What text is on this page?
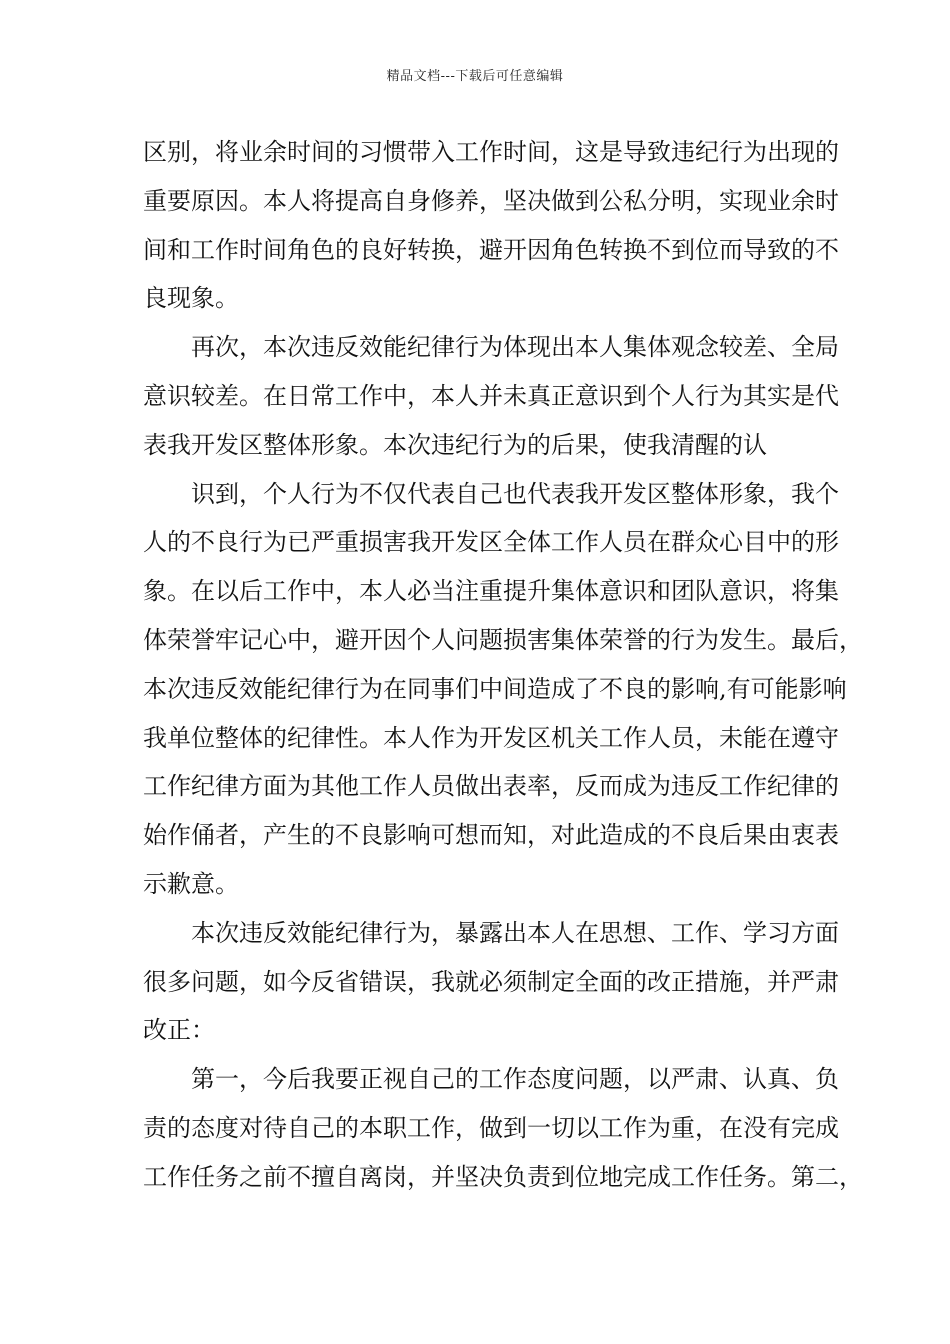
精品文档---下载后可任意编辑
区别，将业余时间的习惯带入工作时间，这是导致违纪行为出现的
重要原因。本人将提高自身修养，坚决做到公私分明，实现业余时
间和工作时间角色的良好转换，避开因角色转换不到位而导致的不
良现象。
再次，本次违反效能纪律行为体现出本人集体观念较差、全局
意识较差。在日常工作中，本人并未真正意识到个人行为其实是代
表我开发区整体形象。本次违纪行为的后果，使我清醒的认
识到，个人行为不仅代表自己也代表我开发区整体形象，我个
人的不良行为已严重损害我开发区全体工作人员在群众心目中的形
象。在以后工作中，本人必当注重提升集体意识和团队意识，将集
体荣誉牢记心中，避开因个人问题损害集体荣誉的行为发生。最后，
本次违反效能纪律行为在同事们中间造成了不良的影响,有可能影响
我单位整体的纪律性。本人作为开发区机关工作人员，未能在遵守
工作纪律方面为其他工作人员做出表率，反而成为违反工作纪律的
始作俑者，产生的不良影响可想而知，对此造成的不良后果由衷表
示歉意。
本次违反效能纪律行为，暴露出本人在思想、工作、学习方面
很多问题，如今反省错误，我就必须制定全面的改正措施，并严肃
改正：
第一，今后我要正视自己的工作态度问题，以严肃、认真、负
责的态度对待自己的本职工作，做到一切以工作为重，在没有完成
工作任务之前不擅自离岗，并坚决负责到位地完成工作任务。第二，
